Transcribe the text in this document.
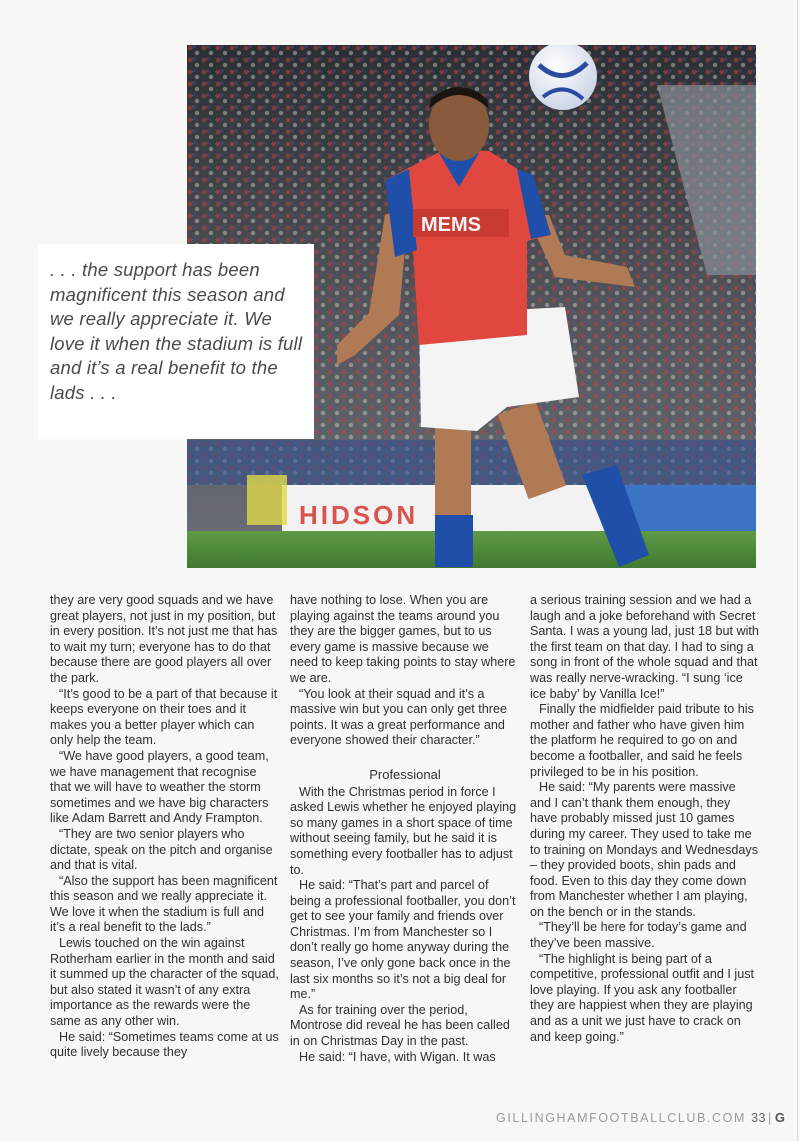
HIDSON
MEMS

. . . the support has been magnificent this season and we really appreciate it. We love it when the stadium is full and it’s a real benefit to the lads . . .

they are very good squads and we have great players, not just in my position, but in every position. It’s not just me that has to wait my turn; everyone has to do that because there are good players all over the park.

“It’s good to be a part of that because it keeps everyone on their toes and it makes you a better player which can only help the team.

“We have good players, a good team, we have management that recognise that we will have to weather the storm sometimes and we have big characters like Adam Barrett and Andy Frampton.

“They are two senior players who dictate, speak on the pitch and organise and that is vital.

“Also the support has been magnificent this season and we really appreciate it. We love it when the stadium is full and it’s a real benefit to the lads.”

Lewis touched on the win against Rotherham earlier in the month and said it summed up the character of the squad, but also stated it wasn’t of any extra importance as the rewards were the same as any other win.

He said: “Sometimes teams come at us quite lively because they

have nothing to lose. When you are playing against the teams around you they are the bigger games, but to us every game is massive because we need to keep taking points to stay where we are.

“You look at their squad and it’s a massive win but you can only get three points. It was a great performance and everyone showed their character.”

Professional

With the Christmas period in force I asked Lewis whether he enjoyed playing so many games in a short space of time without seeing family, but he said it is something every footballer has to adjust to.

He said: “That’s part and parcel of being a professional footballer, you don’t get to see your family and friends over Christmas. I’m from Manchester so I don’t really go home anyway during the season, I’ve only gone back once in the last six months so it’s not a big deal for me.”

As for training over the period, Montrose did reveal he has been called in on Christmas Day in the past.

He said: “I have, with Wigan. It was

a serious training session and we had a laugh and a joke beforehand with Secret Santa. I was a young lad, just 18 but with the first team on that day. I had to sing a song in front of the whole squad and that was really nerve-wracking. “I sung ‘ice ice baby’ by Vanilla Ice!”

Finally the midfielder paid tribute to his mother and father who have given him the platform he required to go on and become a footballer, and said he feels privileged to be in his position.

He said: “My parents were massive and I can’t thank them enough, they have probably missed just 10 games during my career. They used to take me to training on Mondays and Wednesdays – they provided boots, shin pads and food. Even to this day they come down from Manchester whether I am playing, on the bench or in the stands.

“They’ll be here for today’s game and they’ve been massive.

“The highlight is being part of a competitive, professional outfit and I just love playing. If you ask any footballer they are happiest when they are playing and as a unit we just have to crack on and keep going.”

GILLINGHAMFOOTBALLCLUB.COM 33 | G
